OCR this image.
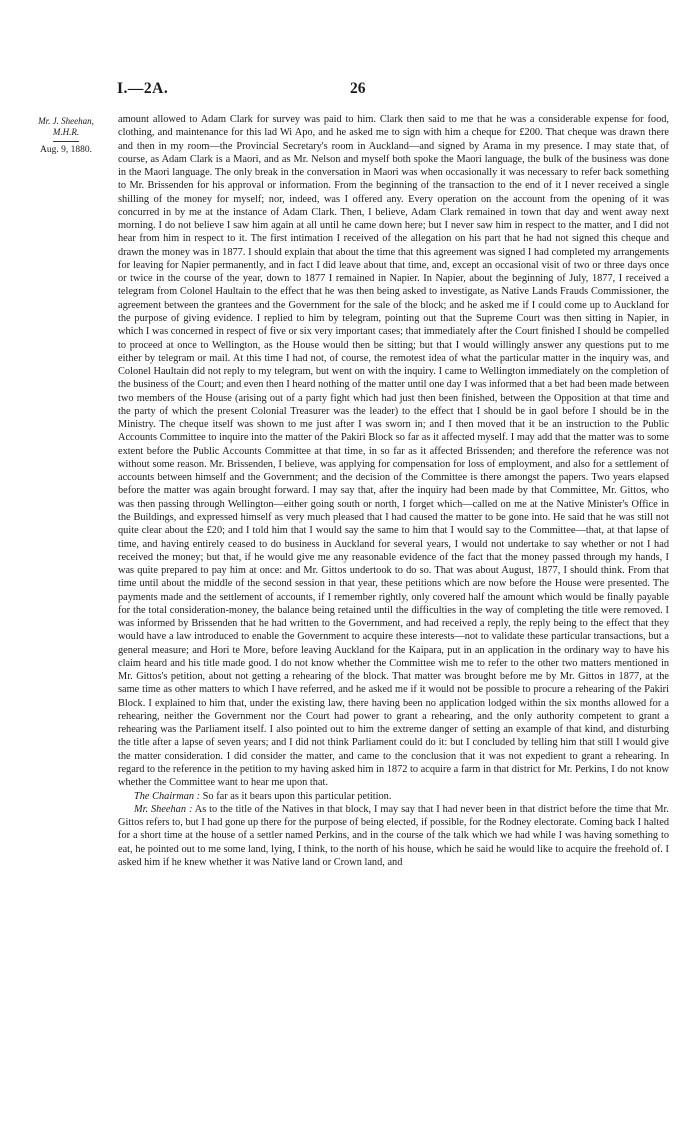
I.—2A.	26
Mr. J. Sheehan,
M.H.R.
Aug. 9, 1880.

amount allowed to Adam Clark for survey was paid to him. Clark then said to me that he was a considerable expense for food, clothing, and maintenance for this lad Wi Apo, and he asked me to sign with him a cheque for £200. That cheque was drawn there and then in my room—the Provincial Secretary's room in Auckland—and signed by Arama in my presence. I may state that, of course, as Adam Clark is a Maori, and as Mr. Nelson and myself both spoke the Maori language, the bulk of the business was done in the Maori language. The only break in the conversation in Maori was when occasionally it was necessary to refer back something to Mr. Brissenden for his approval or information. From the beginning of the transaction to the end of it I never received a single shilling of the money for myself; nor, indeed, was I offered any. Every operation on the account from the opening of it was concurred in by me at the instance of Adam Clark. Then, I believe, Adam Clark remained in town that day and went away next morning. I do not believe I saw him again at all until he came down here; but I never saw him in respect to the matter, and I did not hear from him in respect to it. The first intimation I received of the allegation on his part that he had not signed this cheque and drawn the money was in 1877. I should explain that about the time that this agreement was signed I had completed my arrangements for leaving for Napier permanently, and in fact I did leave about that time, and, except an occasional visit of two or three days once or twice in the course of the year, down to 1877 I remained in Napier. In Napier, about the beginning of July, 1877, I received a telegram from Colonel Haultain to the effect that he was then being asked to investigate, as Native Lands Frauds Commissioner, the agreement between the grantees and the Government for the sale of the block; and he asked me if I could come up to Auckland for the purpose of giving evidence. I replied to him by telegram, pointing out that the Supreme Court was then sitting in Napier, in which I was concerned in respect of five or six very important cases; that immediately after the Court finished I should be compelled to proceed at once to Wellington, as the House would then be sitting; but that I would willingly answer any questions put to me either by telegram or mail. At this time I had not, of course, the remotest idea of what the particular matter in the inquiry was, and Colonel Haultain did not reply to my telegram, but went on with the inquiry. I came to Wellington immediately on the completion of the business of the Court; and even then I heard nothing of the matter until one day I was informed that a bet had been made between two members of the House (arising out of a party fight which had just then been finished, between the Opposition at that time and the party of which the present Colonial Treasurer was the leader) to the effect that I should be in gaol before I should be in the Ministry. The cheque itself was shown to me just after I was sworn in; and I then moved that it be an instruction to the Public Accounts Committee to inquire into the matter of the Pakiri Block so far as it affected myself. I may add that the matter was to some extent before the Public Accounts Committee at that time, in so far as it affected Brissenden; and therefore the reference was not without some reason. Mr. Brissenden, I believe, was applying for compensation for loss of employment, and also for a settlement of accounts between himself and the Government; and the decision of the Committee is there amongst the papers. Two years elapsed before the matter was again brought forward. I may say that, after the inquiry had been made by that Committee, Mr. Gittos, who was then passing through Wellington—either going south or north, I forget which—called on me at the Native Minister's Office in the Buildings, and expressed himself as very much pleased that I had caused the matter to be gone into. He said that he was still not quite clear about the £20; and I told him that I would say the same to him that I would say to the Committee—that, at that lapse of time, and having entirely ceased to do business in Auckland for several years, I would not undertake to say whether or not I had received the money; but that, if he would give me any reasonable evidence of the fact that the money passed through my hands, I was quite prepared to pay him at once: and Mr. Gittos undertook to do so. That was about August, 1877, I should think. From that time until about the middle of the second session in that year, these petitions which are now before the House were presented. The payments made and the settlement of accounts, if I remember rightly, only covered half the amount which would be finally payable for the total consideration-money, the balance being retained until the difficulties in the way of completing the title were removed. I was informed by Brissenden that he had written to the Government, and had received a reply, the reply being to the effect that they would have a law introduced to enable the Government to acquire these interests—not to validate these particular transactions, but a general measure; and Hori te More, before leaving Auckland for the Kaipara, put in an application in the ordinary way to have his claim heard and his title made good. I do not know whether the Committee wish me to refer to the other two matters mentioned in Mr. Gittos's petition, about not getting a rehearing of the block. That matter was brought before me by Mr. Gittos in 1877, at the same time as other matters to which I have referred, and he asked me if it would not be possible to procure a rehearing of the Pakiri Block. I explained to him that, under the existing law, there having been no application lodged within the six months allowed for a rehearing, neither the Government nor the Court had power to grant a rehearing, and the only authority competent to grant a rehearing was the Parliament itself. I also pointed out to him the extreme danger of setting an example of that kind, and disturbing the title after a lapse of seven years; and I did not think Parliament could do it: but I concluded by telling him that still I would give the matter consideration. I did consider the matter, and came to the conclusion that it was not expedient to grant a rehearing. In regard to the reference in the petition to my having asked him in 1872 to acquire a farm in that district for Mr. Perkins, I do not know whether the Committee want to hear me upon that.

The Chairman : So far as it bears upon this particular petition.

Mr. Sheehan : As to the title of the Natives in that block, I may say that I had never been in that district before the time that Mr. Gittos refers to, but I had gone up there for the purpose of being elected, if possible, for the Rodney electorate. Coming back I halted for a short time at the house of a settler named Perkins, and in the course of the talk which we had while I was having something to eat, he pointed out to me some land, lying, I think, to the north of his house, which he said he would like to acquire the freehold of. I asked him if he knew whether it was Native land or Crown land, and
